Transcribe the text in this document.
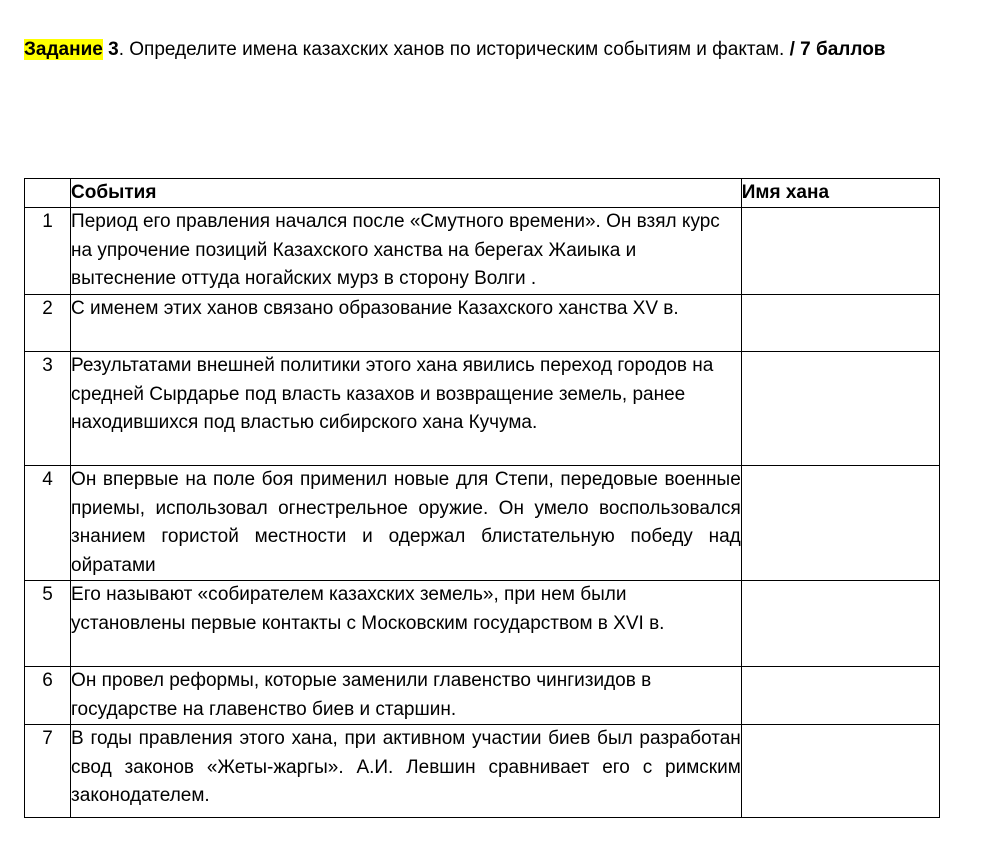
Задание 3. Определите имена казахских ханов по историческим событиям и фактам. / 7 баллов
	События	Имя хана
1	Период его правления начался после «Смутного времени». Он взял курс на упрочение позиций Казахского ханства на берегах Жаиыка и вытеснение оттуда ногайских мурз в сторону Волги .	
2	С именем этих ханов связано образование Казахского ханства XV в.	
3	Результатами внешней политики этого хана явились переход городов на средней Сырдарье под власть казахов и возвращение земель, ранее находившихся под властью сибирского хана Кучума.	
4	Он впервые на поле боя применил новые для Степи, передовые военные приемы, использовал огнестрельное оружие. Он умело воспользовался знанием гористой местности и одержал блистательную победу над ойратами	
5	Его называют «собирателем казахских земель», при нем были установлены первые контакты с Московским государством в XVI в.	
6	Он провел реформы, которые заменили главенство чингизидов в государстве на главенство биев и старшин.	
7	В годы правления этого хана, при активном участии биев был разработан свод законов «Жеты-жаргы». А.И. Левшин сравнивает его с римским законодателем.	
